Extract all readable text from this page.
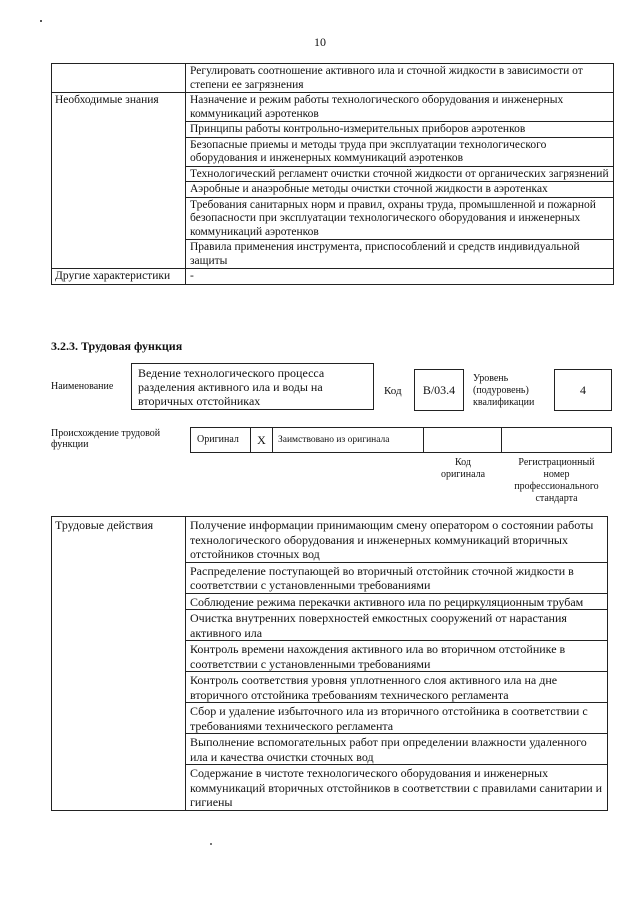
10
	Регулировать соотношение активного ила и сточной жидкости в зависимости от степени ее загрязнения
Необходимые знания	Назначение и режим работы технологического оборудования и инженерных коммуникаций аэротенков
	Принципы работы контрольно-измерительных приборов аэротенков
	Безопасные приемы и методы труда при эксплуатации технологического оборудования и инженерных коммуникаций аэротенков
	Технологический регламент очистки сточной жидкости от органических загрязнений
	Аэробные и анаэробные методы очистки сточной жидкости в аэротенках
	Требования санитарных норм и правил, охраны труда, промышленной и пожарной безопасности при эксплуатации технологического оборудования и инженерных коммуникаций аэротенков
	Правила применения инструмента, приспособлений и средств индивидуальной защиты
Другие характеристики	-
3.2.3. Трудовая функция
Наименование
Ведение технологического процесса разделения активного ила и воды на вторичных отстойниках
Код	B/03.4
Уровень
(подуровень)
квалификации
4
Происхождение трудовой
функции	Оригинал	X	Заимствовано из оригинала
Код
оригинала
Регистрационный
номер
профессионального
стандарта
Трудовые действия	Получение информации принимающим смену оператором о состоянии работы технологического оборудования и инженерных коммуникаций вторичных отстойников сточных вод
Распределение поступающей во вторичный отстойник сточной жидкости в соответствии с установленными требованиями
Соблюдение режима перекачки активного ила по рециркуляционным трубам
Очистка внутренних поверхностей емкостных сооружений от нарастания активного ила
Контроль времени нахождения активного ила во вторичном отстойнике в соответствии с установленными требованиями
Контроль соответствия уровня уплотненного слоя активного ила на дне вторичного отстойника требованиям технического регламента
Сбор и удаление избыточного ила из вторичного отстойника в соответствии с требованиями технического регламента
Выполнение вспомогательных работ при определении влажности удаленного ила и качества очистки сточных вод
Содержание в чистоте технологического оборудования и инженерных коммуникаций вторичных отстойников в соответствии с правилами санитарии и гигиены
